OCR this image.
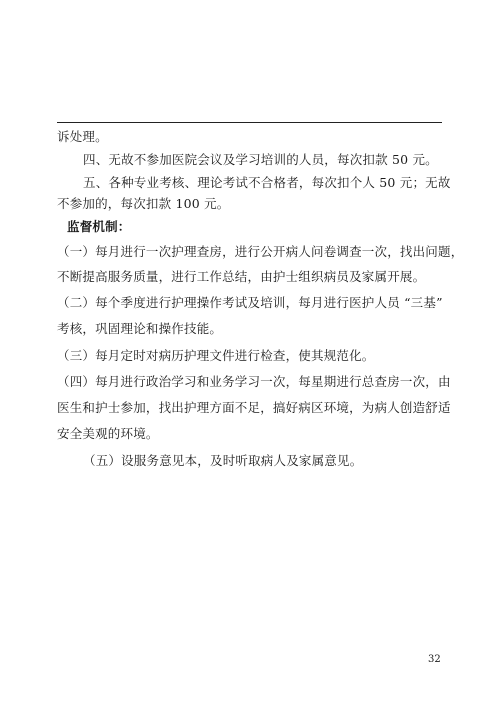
诉处理。
四、无故不参加医院会议及学习培训的人员，每次扣款 50 元。
五、各种专业考核、理论考试不合格者，每次扣个人 50 元；无故
不参加的，每次扣款 100 元。
监督机制：
（一）每月进行一次护理查房，进行公开病人问卷调查一次，找出问题，
不断提高服务质量，进行工作总结，由护士组织病员及家属开展。
（二）每个季度进行护理操作考试及培训，每月进行医护人员 “三基”
考核，巩固理论和操作技能。
（三）每月定时对病历护理文件进行检查，使其规范化。
（四）每月进行政治学习和业务学习一次，每星期进行总查房一次，由
医生和护士参加，找出护理方面不足，搞好病区环境，为病人创造舒适
安全美观的环境。
（五）设服务意见本，及时听取病人及家属意见。
32
